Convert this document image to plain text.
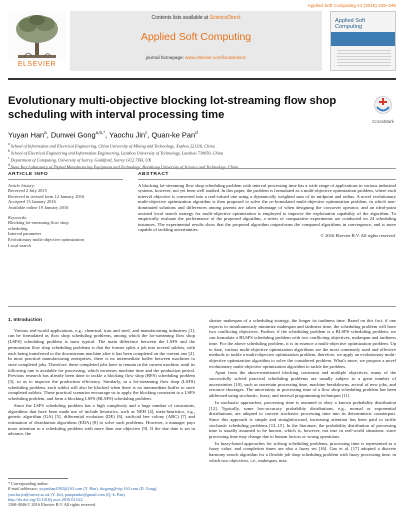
Applied Soft Computing 41 (2016) 225–245
ELSEVIER
Contents lists available at ScienceDirect
Applied Soft Computing
journal homepage: www.elsevier.com/locate/asoc
Applied Soft Computing
Evolutionary multi-objective blocking lot-streaming flow shop scheduling with interval processing time
CrossMark
Yuyan Han$^a$, Dunwei Gong$^{a,b,*}$, Yaochu Jin$^c$, Quan-ke Pan$^d$
$^a$ School of Information and Electrical Engineering, China University of Mining and Technology, Xuzhou 221116, China
$^b$ School of Electrical Engineering and Information Engineering, Lanzhou University of Technology, Lanzhou 730050, China
$^c$ Department of Computing, University of Surrey, Guildford, Surrey GU2 7XH, UK
$^d$ State Key Laboratory of Digital Manufacturing Equipment and Technology, Huazhong University of Science and Technology, China
ARTICLE INFO
Article history:
Received 2 July 2015
Received in revised form 12 January 2016
Accepted 13 January 2016
Available online 19 January 2016
Keywords:
Blocking lot-streaming flow shop
scheduling
Interval parameter
Evolutionary multi-objective optimization
Local search
ABSTRACT
A blocking lot-streaming flow shop scheduling problem with interval processing time has a wide range of applications in various industrial systems, however, not yet been well studied. In this paper, the problem is formulated as a multi-objective optimization problem, where each interval objective is converted into a real-valued one using a dynamically weighted sum of its midpoint and radius. A novel evolutionary multi-objective optimization algorithm is then proposed to solve the re-formulated multi-objective optimization problem, in which non-dominated solutions and differences among parents are taken advantage of when designing the crossover operator, and an ideal-point assisted local search strategy for multi-objective optimization is employed to improve the exploitation capability of the algorithm. To empirically evaluate the performance of the proposed algorithm, a series of comparative experiments are conducted on 24 scheduling instances. The experimental results show that the proposed algorithm outperforms the compared algorithms in convergence, and is more capable of tackling uncertainties.
© 2016 Elsevier B.V. All rights reserved.
1. Introduction

Various real-world applications, e.g., chemical, iron and steel, and manufacturing industries [1], can be formulated as flow shop scheduling problems, among which the lot-streaming flow shop (LSFS) scheduling problem is most typical. The main difference between the LSFS and the permutation flow shop scheduling problems is that the former splits a job into several sublots, with each being transferred to the downstream machine after it has been completed on the current one [2]. In most practical manufacturing enterprises, there is no intermediate buffer between machines to store completed jobs. Therefore, these completed jobs have to remain in the current machine, until its following one is available for processing, which increases machine time and the production period. Previous research has already been done to tackle a blocking flow shop (BFS) scheduling problem [3], so as to improve the production efficiency. Similarly, in a lot-streaming flow shop (LSFS) scheduling problem, each sublot will also be blocked when there is no intermediate buffer to store completed sublots. These practical scenarios encourage us to apply the blocking constraint to a LSFS scheduling problem, and form a blocking LSFS (BLSFS) scheduling problem.

Since the LSFS scheduling problem has a high complexity and a large number of constraints, algorithms that have been made use of include heuristics, such as NEH [4], meta-heuristics, e.g., genetic algorithm (GA) [5], differential evolution (DE) [6], artificial bee colony (ABC) [7] and estimation of distribution algorithms (EDA) [8] to solve such problems. However, a manager pays more attention to a scheduling problem with more than one objective [9]. If the due date is set in advance, the

shorter makespan of a scheduling strategy, the longer its tardiness time. Based on this fact, if one expects to simultaneously minimize makespan and tardiness time, the scheduling problem will have two conflicting objectives. Further, if the scheduling problem is a BLSFS scheduling problem, we can formulate a BLSFS scheduling problem with two conflicting objectives, makespan and tardiness time. For the above scheduling problem, it is in essence a multi-objective optimization problem. Up to date, various multi-objective optimization algorithms are the most commonly used and effective methods to tackle a multi-objective optimization problem, therefore, we apply an evolutionary multi-objective optimization algorithm to solve the considered problem. What's more, we propose a novel evolutionary multi-objective optimization algorithm to tackle the problem.

Apart from the above-mentioned blocking constraint and multiple objectives, many of the successfully solved practical scheduling problems are usually subject to a great number of uncertainties [10], such as uncertain processing time, machine breakdowns, arrival of new jobs, and resource shortages. The uncertainty in processing time of a flow shop scheduling problem has been addressed using stochastic, fuzzy, and interval programming techniques [11].

In stochastic approaches, processing time is assumed to obey a known probability distribution [12]. Typically, some low-accuracy probability distributions, e.g., normal or exponential distributions, are adopted to convert stochastic processing time into its deterministic counterpart. Since this approach is simple and straightforward, increasing attention has been paid to tackle stochastic scheduling problems [13–15]. In the literature, the probability distribution of processing time is usually assumed to be known, which is, however, not true in real-world situations, since processing time may change due to human factors or wrong operations.

In fuzzy-based approaches for solving scheduling problems, processing time is represented as a fuzzy value, and completion times are also a fuzzy set [16]. Gao et al. [17] adopted a discrete harmony search algorithm for a flexible job shop scheduling problem with fuzzy processing time, in which two objectives, i.e., makespan, max

* Corresponding author.
E-mail addresses: yuyanhan1002@163.com (Y. Han), dwgong@vip.163.com (D. Gong), yaochu.jin@surrey.ac.uk (Y. Jin), panquanke@gmail.com (Q.-k. Pan).
http://dx.doi.org/10.1016/j.asoc.2016.01.022
1568-4946/© 2016 Elsevier B.V. All rights reserved.
